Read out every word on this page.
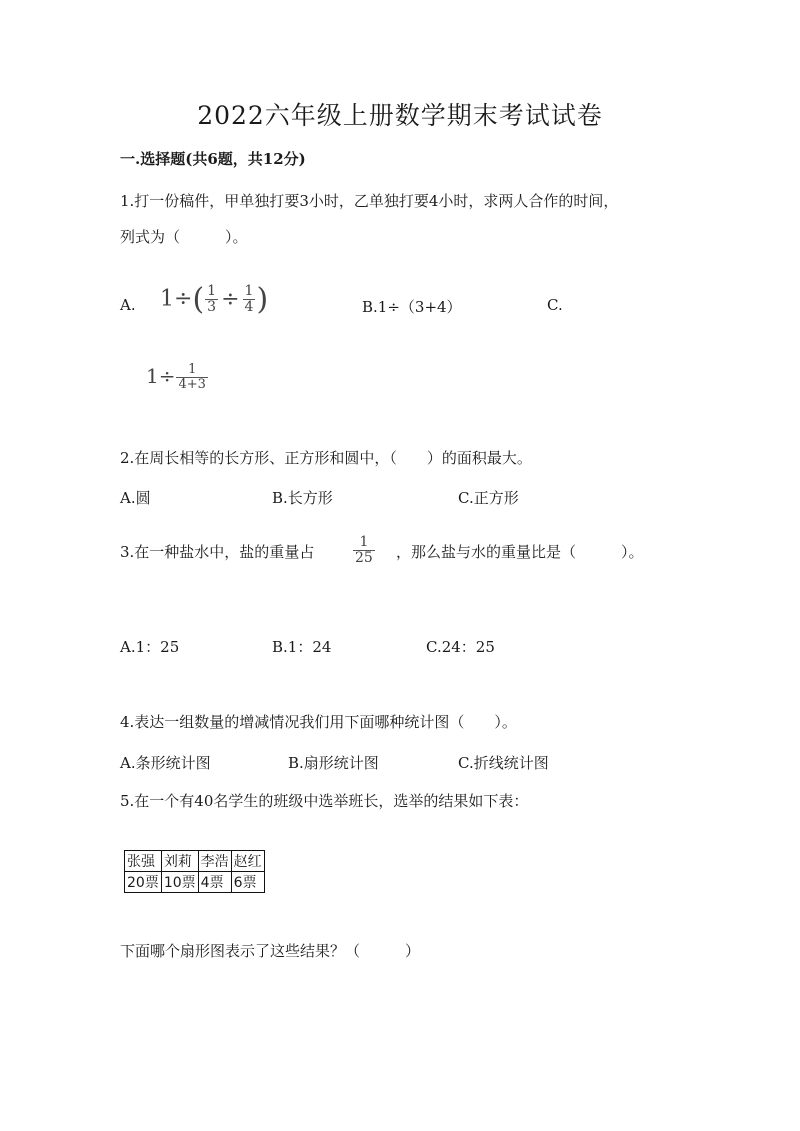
2022六年级上册数学期末考试试卷
一.选择题(共6题，共12分)
1.打一份稿件，甲单独打要3小时，乙单独打要4小时，求两人合作的时间，
列式为（　　　）。
A. $1\div( \frac{1}{3} \div \frac{1}{4}$ )	B.1÷（3+4）	C.
$1\div \frac{1}{4+3}$
2.在周长相等的长方形、正方形和圆中，（　　）的面积最大。
A.圆	B.长方形	C.正方形
3.在一种盐水中，盐的重量占	$\frac{1}{25}$ ，那么盐与水的重量比是（　　　）。
A.1：25	B.1：24	C.24：25
4.表达一组数量的增减情况我们用下面哪种统计图（　　）。
A.条形统计图	B.扇形统计图	C.折线统计图
5.在一个有40名学生的班级中选举班长，选举的结果如下表：
张强	刘莉	李浩	赵红
20票	10票	4票	6票
下面哪个扇形图表示了这些结果？（　　　）
